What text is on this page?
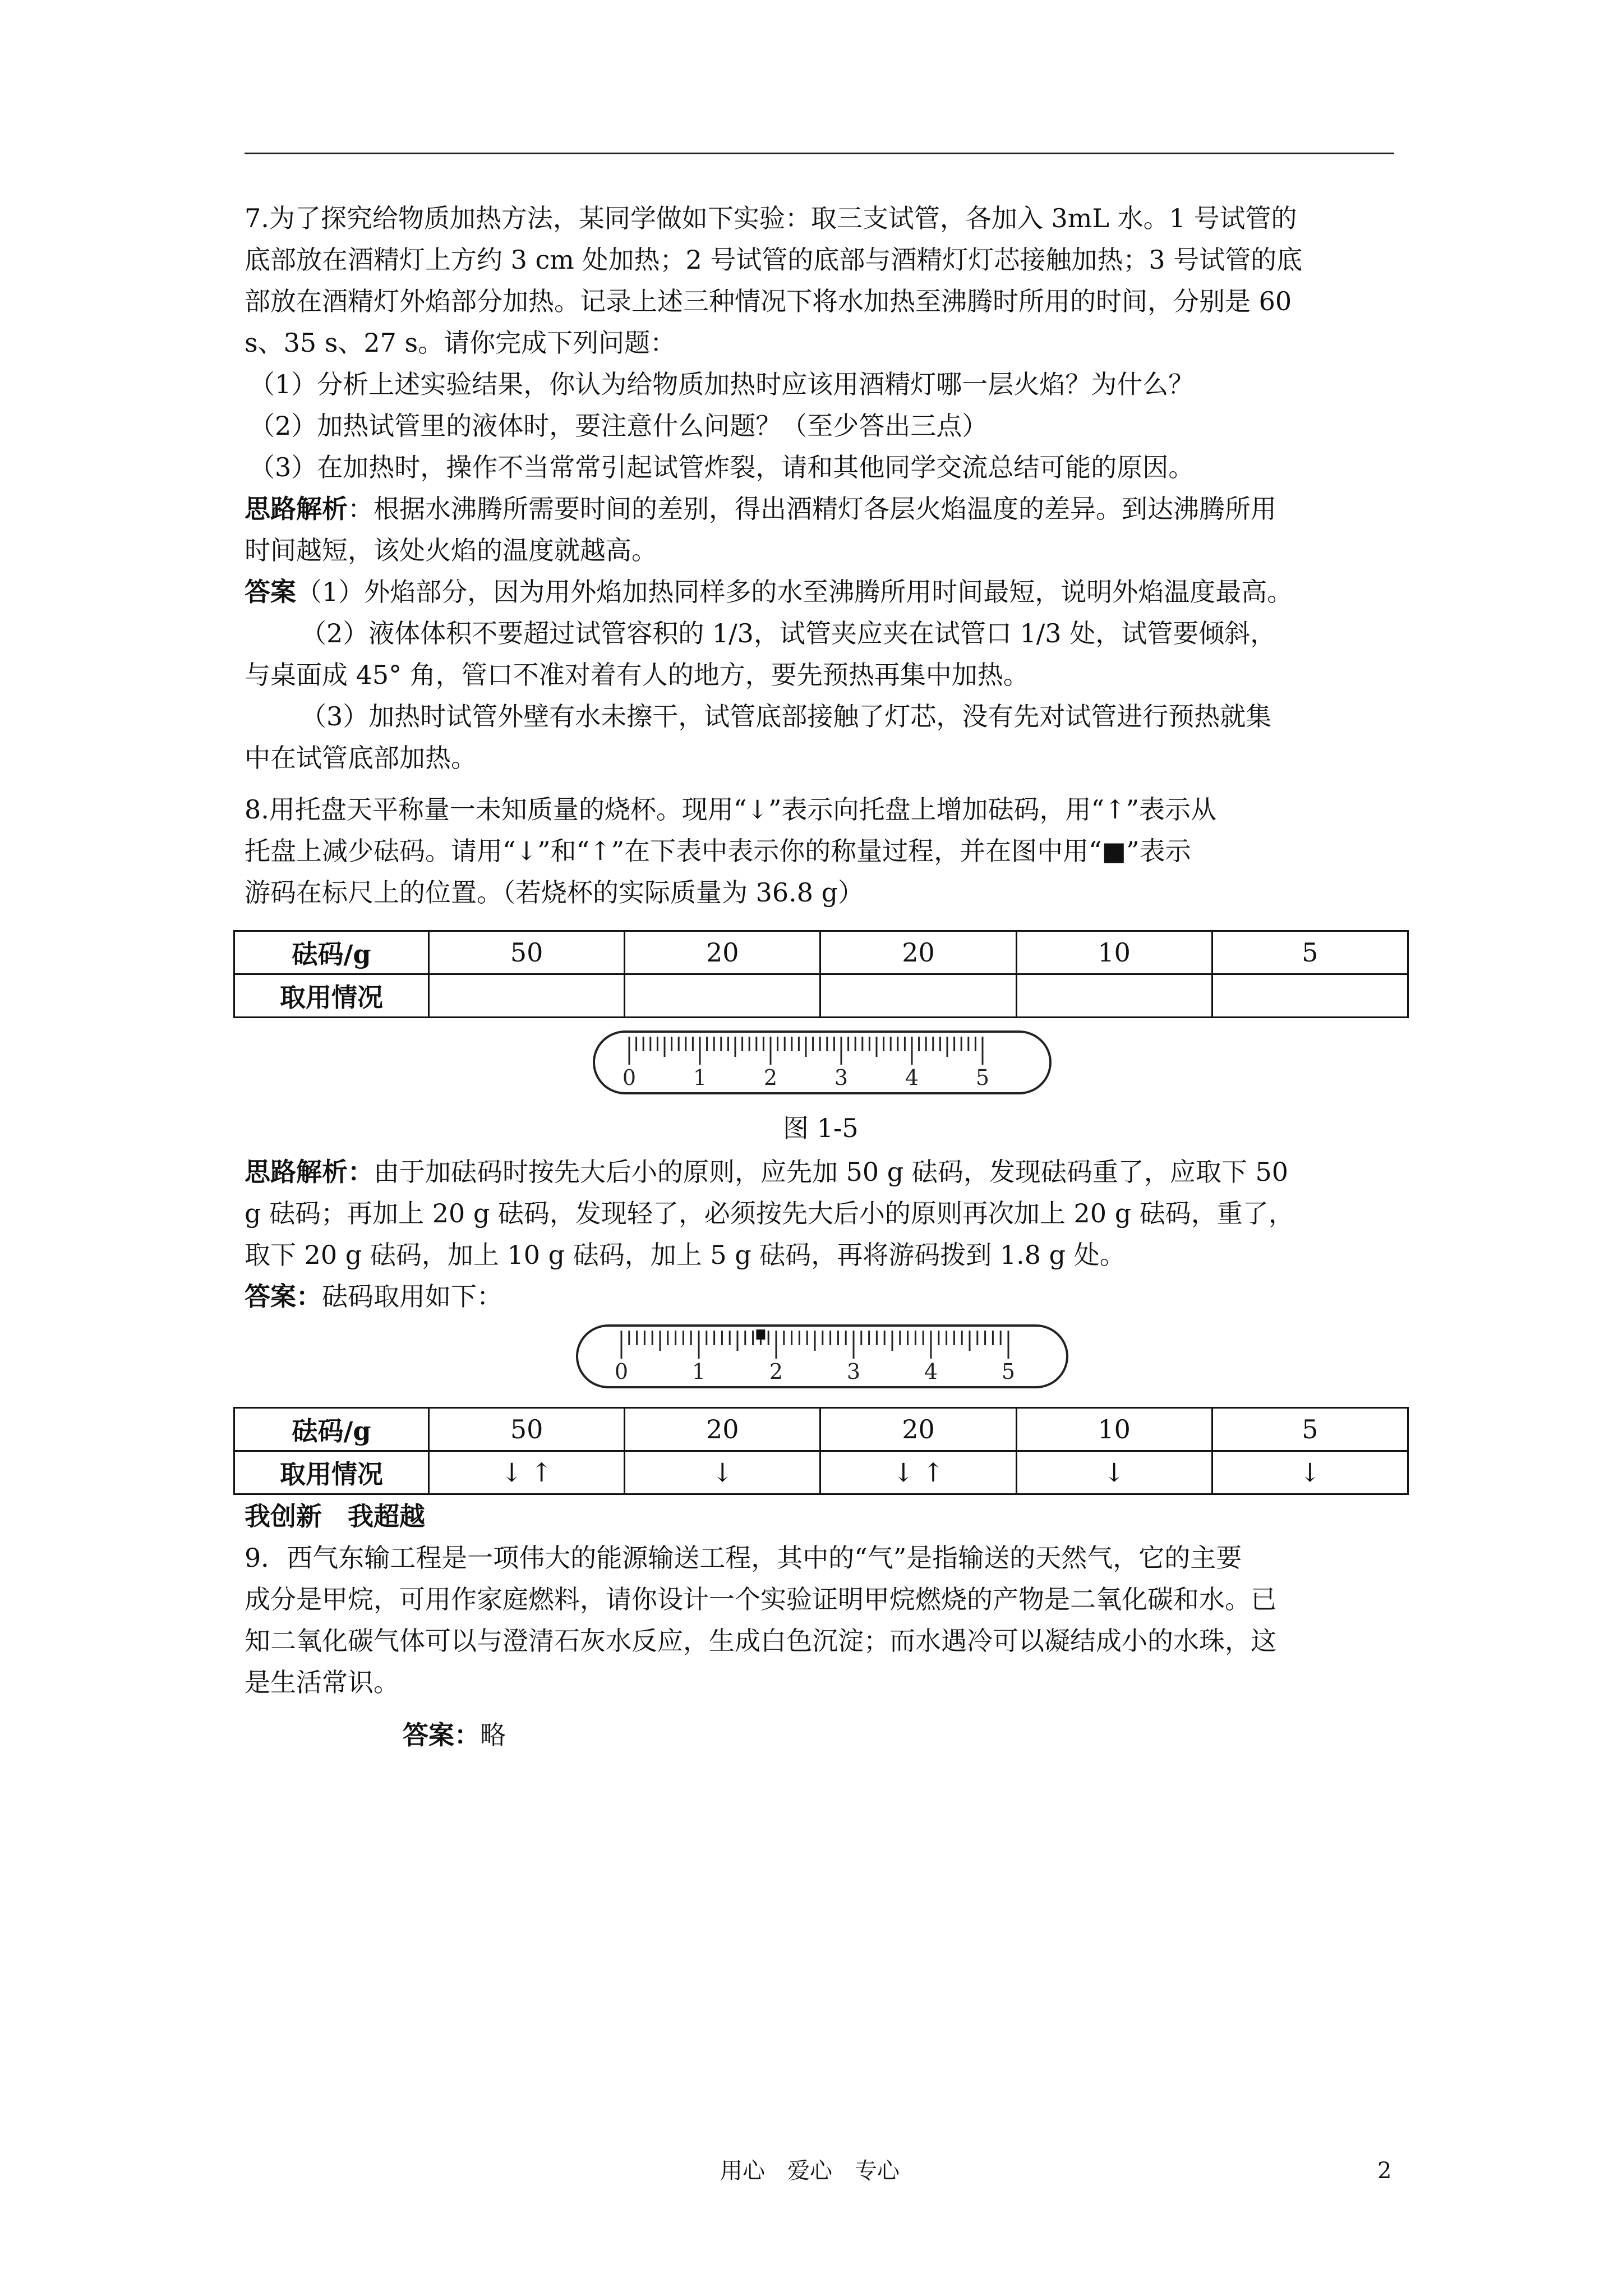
7.为了探究给物质加热方法，某同学做如下实验：取三支试管，各加入 3mL 水。1 号试管的
底部放在酒精灯上方约 3 cm 处加热；2 号试管的底部与酒精灯灯芯接触加热；3 号试管的底
部放在酒精灯外焰部分加热。记录上述三种情况下将水加热至沸腾时所用的时间，分别是 60
s、35 s、27 s。请你完成下列问题：
（1）分析上述实验结果，你认为给物质加热时应该用酒精灯哪一层火焰？为什么？
（2）加热试管里的液体时，要注意什么问题？（至少答出三点）
（3）在加热时，操作不当常常引起试管炸裂，请和其他同学交流总结可能的原因。
思路解析：根据水沸腾所需要时间的差别，得出酒精灯各层火焰温度的差异。到达沸腾所用
时间越短，该处火焰的温度就越高。
答案（1）外焰部分，因为用外焰加热同样多的水至沸腾所用时间最短，说明外焰温度最高。
（2）液体体积不要超过试管容积的 1/3，试管夹应夹在试管口 1/3 处，试管要倾斜，
与桌面成 45° 角，管口不准对着有人的地方，要先预热再集中加热。
（3）加热时试管外壁有水未擦干，试管底部接触了灯芯，没有先对试管进行预热就集
中在试管底部加热。
8.用托盘天平称量一未知质量的烧杯。现用“↓”表示向托盘上增加砝码，用“↑”表示从
托盘上减少砝码。请用“↓”和“↑”在下表中表示你的称量过程，并在图中用“■”表示
游码在标尺上的位置。（若烧杯的实际质量为 36.8 g）
砝码/g	50	20	20	10	5
取用情况					
0	1	2	3	4	5
图 1-5
思路解析：由于加砝码时按先大后小的原则，应先加 50 g 砝码，发现砝码重了，应取下 50
g 砝码；再加上 20 g 砝码，发现轻了，必须按先大后小的原则再次加上 20 g 砝码，重了，
取下 20 g 砝码，加上 10 g 砝码，加上 5 g 砝码，再将游码拨到 1.8 g 处。
答案：砝码取用如下：
0	1	2	3	4	5
砝码/g	50	20	20	10	5
取用情况	↓ ↑	↓	↓ ↑	↓	↓
我创新　我超越
9．西气东输工程是一项伟大的能源输送工程，其中的“气”是指输送的天然气，它的主要
成分是甲烷，可用作家庭燃料，请你设计一个实验证明甲烷燃烧的产物是二氧化碳和水。已
知二氧化碳气体可以与澄清石灰水反应，生成白色沉淀；而水遇冷可以凝结成小的水珠，这
是生活常识。
答案：略
用心　爱心　专心	2
